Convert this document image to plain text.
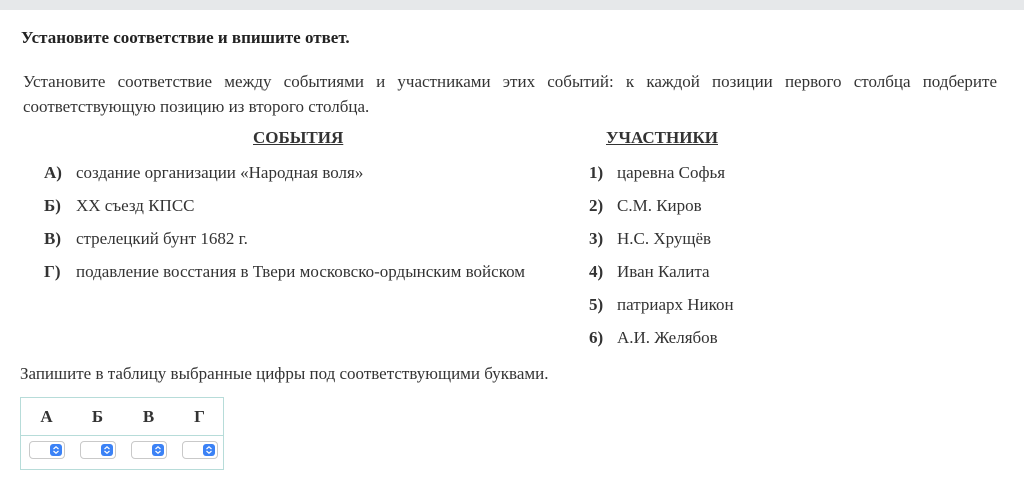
Установите соответствие и впишите ответ.
Установите соответствие между событиями и участниками этих событий: к каждой позиции первого столбца подберите соответствующую позицию из второго столбца.
СОБЫТИЯ	УЧАСТНИКИ
А) создание организации «Народная воля»
Б) XX съезд КПСС
В) стрелецкий бунт 1682 г.
Г) подавление восстания в Твери московско-ордынским войском
1) царевна Софья
2) С.М. Киров
3) Н.С. Хрущёв
4) Иван Калита
5) патриарх Никон
6) А.И. Желябов
Запишите в таблицу выбранные цифры под соответствующими буквами.
А	Б	В	Г
